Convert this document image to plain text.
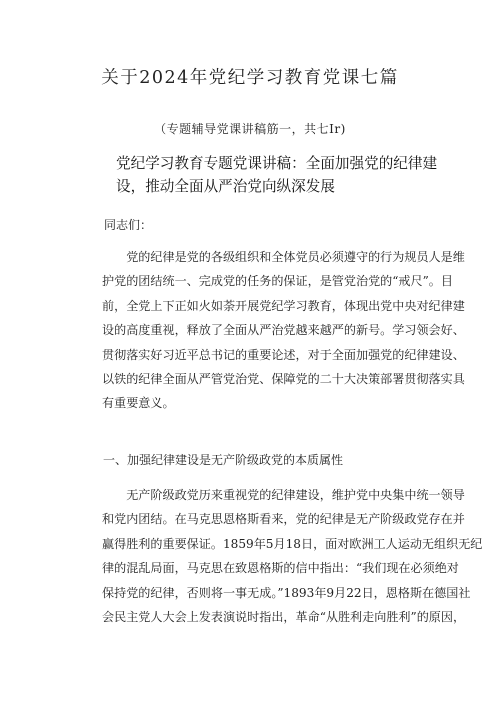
关于2024年党纪学习教育党课七篇
（专题辅导党课讲稿筋一，共七Ir)
党纪学习教育专题党课讲稿：全面加强党的纪律建
设，推动全面从严治党向纵深发展
同志们：
　　党的纪律是党的各级组织和全体党员必须遵守的行为规员人是维
护党的团结统一、完成党的任务的保证，是管党治党的“戒尺”。目
前，全党上下正如火如荼开展党纪学习教育，体现出党中央对纪律建
设的高度重视，释放了全面从严治党越来越严的新号。学习领会好、
贯彻落实好习近平总书记的重要论述，对于全面加强党的纪律建设、
以铁的纪律全面从严管党治党、保障党的二十大决策部署贯彻落实具
有重要意义。
一、加强纪律建设是无产阶级政党的本质属性
　　无产阶级政党历来重视党的纪律建设，维护党中央集中统一领导
和党内团结。在马克思恩格斯看来，党的纪律是无产阶级政党存在并
赢得胜利的重要保证。1859年5月18日，面对欧洲工人运动无组织无纪
律的混乱局面，马克思在致恩格斯的信中指出：“我们现在必须绝对
保持党的纪律，否则将一事无成。”1893年9月22日，恩格斯在德国社
会民主党人大会上发表演说时指出，革命“从胜利走向胜利”的原因，
